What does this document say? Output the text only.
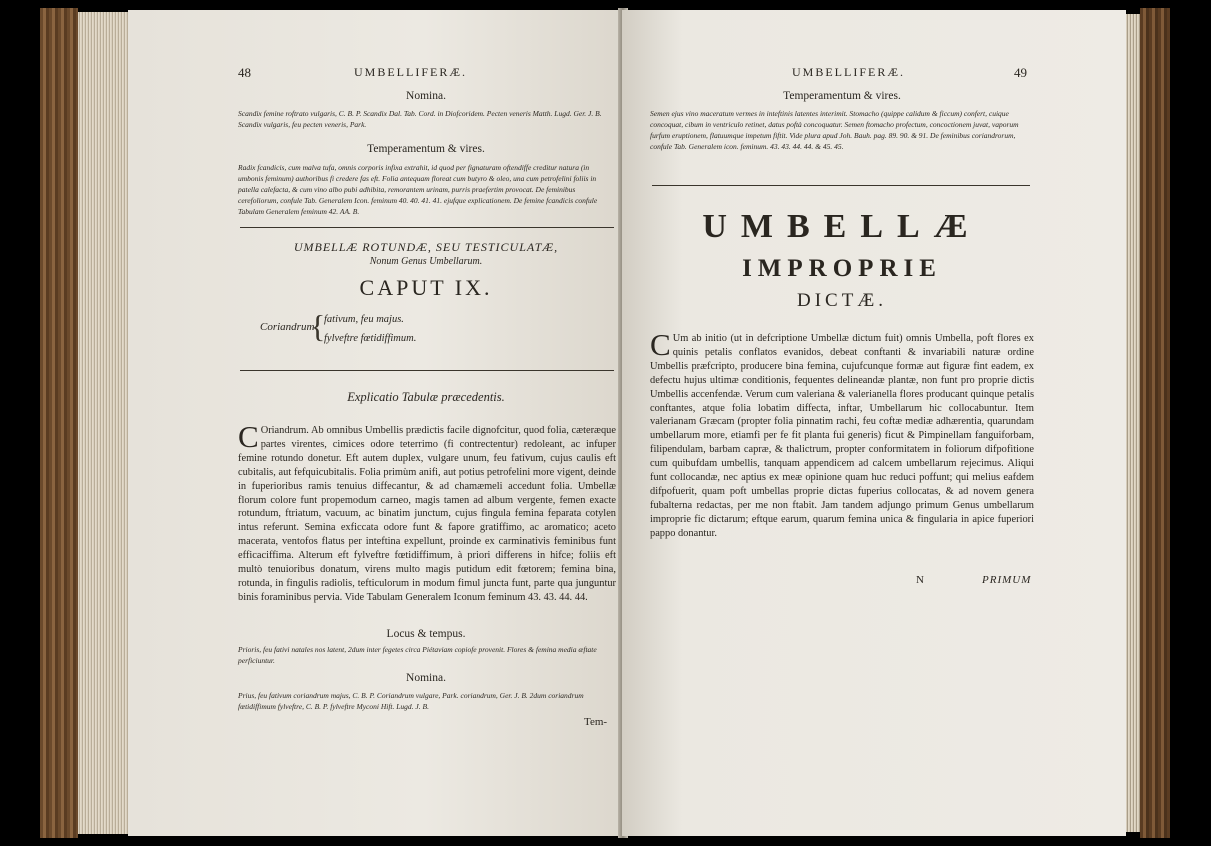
48	UMBELLIFERÆ.
Nomina.
Scandix femine roftrato vulgaris, C. B. P. Scandix Dal. Tab. Cord. in Diofcoridem. Pecten veneris Matth. Lugd. Ger. J. B. Scandix vulgaris, feu pecten veneris, Park.
Temperamentum & vires.
Radix fcandicis, cum malva tufa, omnis corporis infixa extrahit, id quod per fignaturam oftendiffe creditur natura (in umbonis feminum) authoribus fi credere fas eft. Folia antequam floreat cum butyro & oleo, una cum petrofelini foliis in patella calefacta, & cum vino albo pubi adhibita, remorantem urinam, purris praefertim provocat. De feminibus cerefoliorum, confule Tab. Generalem Icon. feminum 40. 40. 41. 41. ejufque explicationem. De femine fcandicis confule Tabulam Generalem feminum 42. AA. B.
UMBELLÆ ROTUNDÆ, SEU TESTICULATÆ,
Nonum Genus Umbellarum.
CAPUT IX.
Coriandrum
{
fativum, feu majus.
fylveftre fœtidiffimum.
Explicatio Tabulæ præcedentis.
C Oriandrum. Ab omnibus Umbellis prædictis facile dignofcitur, quod folia, cæteræque partes virentes, cimices odore teterrimo (fi contrectentur) redoleant, ac infuper femine rotundo donetur. Eft autem duplex, vulgare unum, feu fativum, cujus caulis eft cubitalis, aut fefquicubitalis. Folia primùm anifi, aut potius petrofelini more vigent, deinde in fuperioribus ramis tenuius diffecantur, & ad chamæmeli accedunt folia. Umbellæ florum colore funt propemodum carneo, magis tamen ad album vergente, femen exacte rotundum, ftriatum, vacuum, ac binatim junctum, cujus fingula femina feparata cotylen intus referunt. Semina exficcata odore funt & fapore gratiffimo, ac aromatico; aceto macerata, ventofos flatus per inteftina expellunt, proinde ex carminativis feminibus funt efficaciffima. Alterum eft fylveftre fœtidiffimum, à priori differens in hifce; foliis eft multò tenuioribus donatum, virens multo magis putidum edit fœtorem; femina bina, rotunda, in fingulis radiolis, tefticulorum in modum fimul juncta funt, parte qua junguntur binis foraminibus pervia. Vide Tabulam Generalem Iconum feminum 43. 43. 44. 44.
Locus & tempus.
Prioris, feu fativi natales nos latent, 2dum inter fegetes circa Piétaviam copiofe provenit. Flores & femina media æftate perficiuntur.
Nomina.
Prius, feu fativum coriandrum majus, C. B. P. Coriandrum vulgare, Park. coriandrum, Ger. J. B. 2dum coriandrum fœtidiffimum fylveftre, C. B. P. fylveftre Myconi Hift. Lugd. J. B.
Tem-
UMBELLIFERÆ.	49
Temperamentum & vires.
Semen ejus vino maceratum vermes in inteftinis latentes interimit. Stomacho (quippe calidum & ficcum) confert, cuique concoquat, cibum in ventriculo retinet, datus poftà concoquatur. Semen ftomacho profectum, concoctionem juvat, vaporum furfum eruptionem, flatuumque impetum fiftit. Vide plura apud Joh. Bauh. pag. 89. 90. & 91. De feminibus coriandrorum, confule Tab. Generalem icon. feminum. 43. 43. 44. 44. & 45. 45.
UMBELLÆ
IMPROPRIE
DICTÆ.
C Um ab initio (ut in defcriptione Umbellæ dictum fuit) omnis Umbella, poft flores ex quinis petalis conflatos evanidos, debeat conftanti & invariabili naturæ ordine Umbellis præfcripto, producere bina femina, cujufcunque formæ aut figuræ fint eadem, ex defectu hujus ultimæ conditionis, fequentes delineandæ plantæ, non funt pro proprie dictis Umbellis accenfendæ. Verum cum valeriana & valerianella flores producant quinque petalis conftantes, atque folia lobatim diffecta, inftar, Umbellarum hic collocabuntur. Item valerianam Græcam (propter folia pinnatim rachi, feu coftæ mediæ adhærentia, quarundam umbellarum more, etiamfi per fe fit planta fui generis) ficut & Pimpinellam fanguiforbam, filipendulam, barbam capræ, & thalictrum, propter conformitatem in foliorum difpofitione cum quibufdam umbellis, tanquam appendicem ad calcem umbellarum rejecimus. Aliqui funt collocandæ, nec aptius ex meæ opinione quam huc reduci poffunt; qui melius eafdem difpofuerit, quam poft umbellas proprie dictas fuperius collocatas, & ad novem genera fubalterna redactas, per me non ftabit. Jam tandem adjungo primum Genus umbellarum improprie fic dictarum; eftque earum, quarum femina unica & fingularia in apice fuperiori pappo donantur.
N	PRIMUM
